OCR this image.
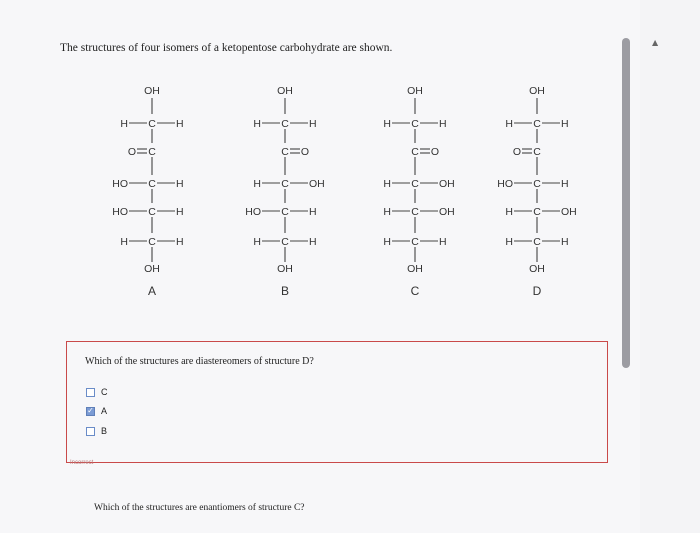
The structures of four isomers of a ketopentose carbohydrate are shown.
OH
C
H	H
C
O
C
HO	H
C
HO	H
C
H	H
OH
A
OH
C
H	H
C O
C
H	OH
C
HO	H
C
H	H
OH
B
OH
C
H	H
C O
C
H	OH
C
H	OH
C
H	H
OH
C
OH
C
H	H
C
O
C
HO	H
C
H	OH
C
H	H
OH
D
Which of the structures are diastereomers of structure D?
C
✓
A
B
Incorrect
Which of the structures are enantiomers of structure C?
▲
